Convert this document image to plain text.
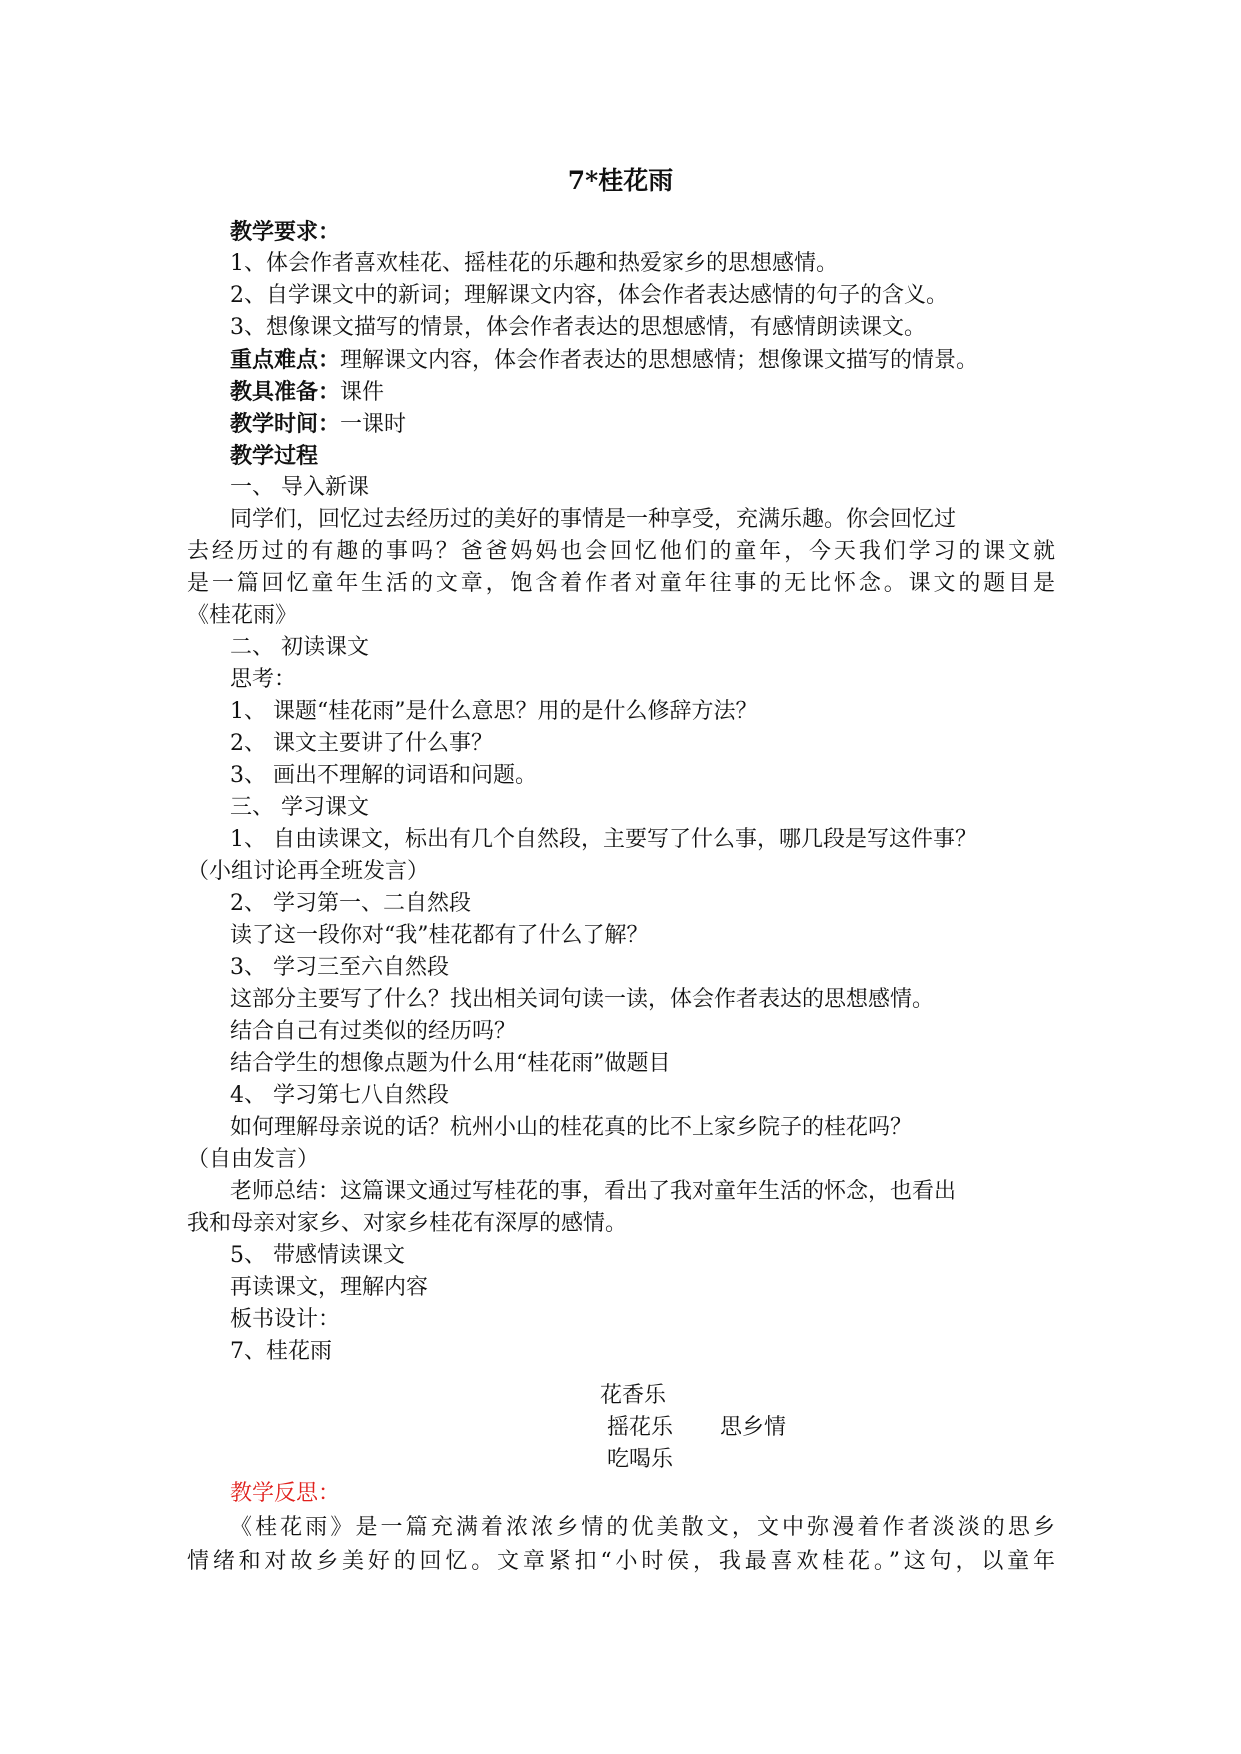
7*桂花雨
教学要求：
1、体会作者喜欢桂花、摇桂花的乐趣和热爱家乡的思想感情。
2、自学课文中的新词；理解课文内容，体会作者表达感情的句子的含义。
3、想像课文描写的情景，体会作者表达的思想感情，有感情朗读课文。
重点难点：理解课文内容，体会作者表达的思想感情；想像课文描写的情景。
教具准备：课件
教学时间：一课时
教学过程
一、 导入新课
同学们，回忆过去经历过的美好的事情是一种享受，充满乐趣。你会回忆过
去经历过的有趣的事吗？爸爸妈妈也会回忆他们的童年，今天我们学习的课文就
是一篇回忆童年生活的文章，饱含着作者对童年往事的无比怀念。课文的题目是
《桂花雨》
二、 初读课文
思考：
1、 课题“桂花雨”是什么意思？用的是什么修辞方法？
2、 课文主要讲了什么事？
3、 画出不理解的词语和问题。
三、 学习课文
1、 自由读课文，标出有几个自然段，主要写了什么事，哪几段是写这件事？
（小组讨论再全班发言）
2、 学习第一、二自然段
读了这一段你对“我”桂花都有了什么了解？
3、 学习三至六自然段
这部分主要写了什么？找出相关词句读一读，体会作者表达的思想感情。
结合自己有过类似的经历吗？
结合学生的想像点题为什么用“桂花雨”做题目
4、 学习第七八自然段
如何理解母亲说的话？杭州小山的桂花真的比不上家乡院子的桂花吗？
（自由发言）
老师总结：这篇课文通过写桂花的事，看出了我对童年生活的怀念，也看出
我和母亲对家乡、对家乡桂花有深厚的感情。
5、 带感情读课文
再读课文，理解内容
板书设计：
7、桂花雨
花香乐
摇花乐 思乡情
吃喝乐
教学反思：
《桂花雨》是一篇充满着浓浓乡情的优美散文，文中弥漫着作者淡淡的思乡
情绪和对故乡美好的回忆。文章紧扣“小时侯，我最喜欢桂花。”这句，以童年
